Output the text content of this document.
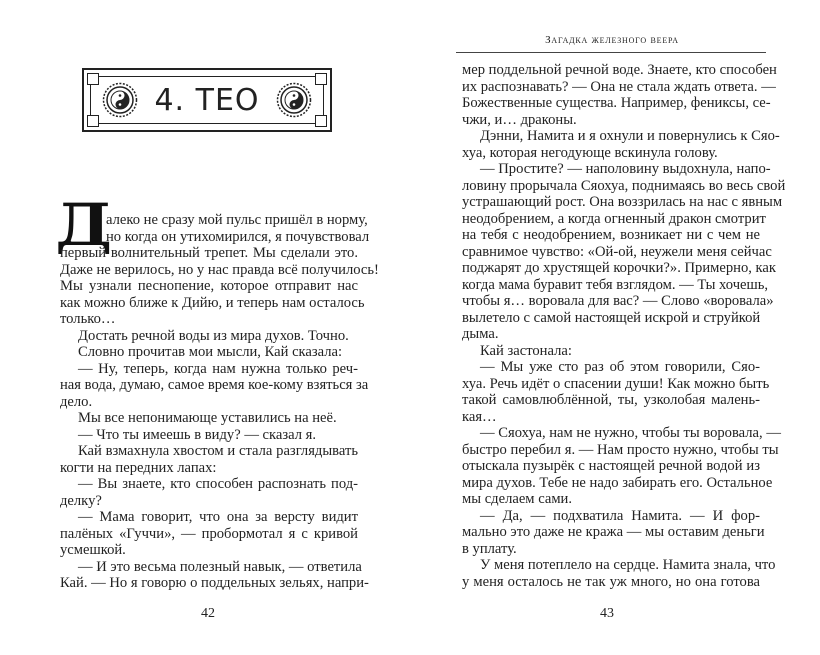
4. ТЕО
Д
алеко не сразу мой пульс пришёл в норму,
но когда он утихомирился, я почувствовал
первый волнительный трепет. Мы сделали это.
Даже не верилось, но у нас правда всё получилось!
Мы узнали песнопение, которое отправит нас
как можно ближе к Дийю, и теперь нам осталось
только…
Достать речной воды из мира духов. Точно.
Словно прочитав мои мысли, Кай сказала:
— Ну, теперь, когда нам нужна только реч-
ная вода, думаю, самое время кое-кому взяться за
дело.
Мы все непонимающе уставились на неё.
— Что ты имеешь в виду? — сказал я.
Кай взмахнула хвостом и стала разглядывать
когти на передних лапах:
— Вы знаете, кто способен распознать под-
делку?
— Мама говорит, что она за версту видит
палёных «Гуччи», — пробормотал я с кривой
усмешкой.
— И это весьма полезный навык, — ответила
Кай. — Но я говорю о поддельных зельях, напри-
42
Загадка железного веера
мер поддельной речной воде. Знаете, кто способен
их распознавать? — Она не стала ждать ответа. —
Божественные существа. Например, фениксы, се-
чжи, и… драконы.
Дэнни, Намита и я охнули и повернулись к Сяо-
хуа, которая негодующе вскинула голову.
— Простите? — наполовину выдохнула, напо-
ловину прорычала Сяохуа, поднимаясь во весь свой
устрашающий рост. Она воззрилась на нас с явным
неодобрением, а когда огненный дракон смотрит
на тебя с неодобрением, возникает ни с чем не
сравнимое чувство: «Ой-ой, неужели меня сейчас
поджарят до хрустящей корочки?». Примерно, как
когда мама буравит тебя взглядом. — Ты хочешь,
чтобы я… воровала для вас? — Слово «воровала»
вылетело с самой настоящей искрой и струйкой
дыма.
Кай застонала:
— Мы уже сто раз об этом говорили, Сяо-
хуа. Речь идёт о спасении души! Как можно быть
такой самовлюблённой, ты, узколобая малень-
кая…
— Сяохуа, нам не нужно, чтобы ты воровала, —
быстро перебил я. — Нам просто нужно, чтобы ты
отыскала пузырёк с настоящей речной водой из
мира духов. Тебе не надо забирать его. Остальное
мы сделаем сами.
— Да, — подхватила Намита. — И фор-
мально это даже не кража — мы оставим деньги
в уплату.
У меня потеплело на сердце. Намита знала, что
у меня осталось не так уж много, но она готова
43
